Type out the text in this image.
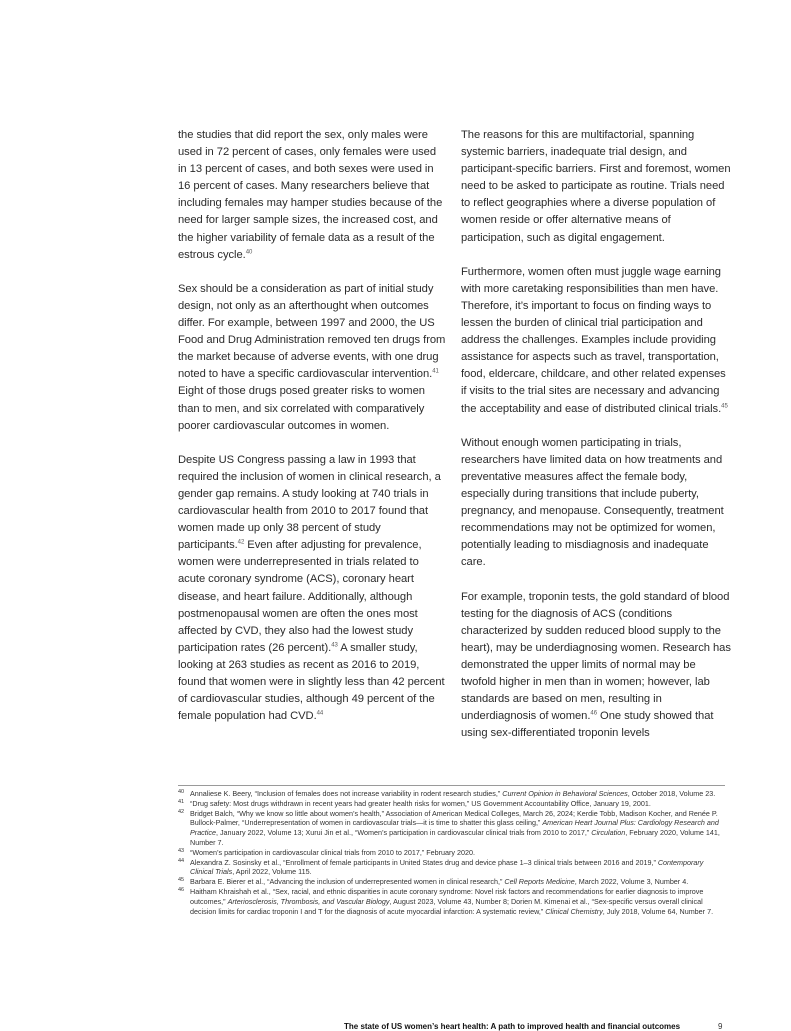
the studies that did report the sex, only males were used in 72 percent of cases, only females were used in 13 percent of cases, and both sexes were used in 16 percent of cases. Many researchers believe that including females may hamper studies because of the need for larger sample sizes, the increased cost, and the higher variability of female data as a result of the estrous cycle.$^{40}$

Sex should be a consideration as part of initial study design, not only as an afterthought when outcomes differ. For example, between 1997 and 2000, the US Food and Drug Administration removed ten drugs from the market because of adverse events, with one drug noted to have a specific cardiovascular intervention.$^{41}$ Eight of those drugs posed greater risks to women than to men, and six correlated with comparatively poorer cardiovascular outcomes in women.

Despite US Congress passing a law in 1993 that required the inclusion of women in clinical research, a gender gap remains. A study looking at 740 trials in cardiovascular health from 2010 to 2017 found that women made up only 38 percent of study participants.$^{42}$ Even after adjusting for prevalence, women were underrepresented in trials related to acute coronary syndrome (ACS), coronary heart disease, and heart failure. Additionally, although postmenopausal women are often the ones most affected by CVD, they also had the lowest study participation rates (26 percent).$^{43}$ A smaller study, looking at 263 studies as recent as 2016 to 2019, found that women were in slightly less than 42 percent of cardiovascular studies, although 49 percent of the female population had CVD.$^{44}$

The reasons for this are multifactorial, spanning systemic barriers, inadequate trial design, and participant-specific barriers. First and foremost, women need to be asked to participate as routine. Trials need to reflect geographies where a diverse population of women reside or offer alternative means of participation, such as digital engagement.

Furthermore, women often must juggle wage earning with more caretaking responsibilities than men have. Therefore, it’s important to focus on finding ways to lessen the burden of clinical trial participation and address the challenges. Examples include providing assistance for aspects such as travel, transportation, food, eldercare, childcare, and other related expenses if visits to the trial sites are necessary and advancing the acceptability and ease of distributed clinical trials.$^{45}$

Without enough women participating in trials, researchers have limited data on how treatments and preventative measures affect the female body, especially during transitions that include puberty, pregnancy, and menopause. Consequently, treatment recommendations may not be optimized for women, potentially leading to misdiagnosis and inadequate care.

For example, troponin tests, the gold standard of blood testing for the diagnosis of ACS (conditions characterized by sudden reduced blood supply to the heart), may be underdiagnosing women. Research has demonstrated the upper limits of normal may be twofold higher in men than in women; however, lab standards are based on men, resulting in underdiagnosis of women.$^{46}$ One study showed that using sex-differentiated troponin levels

40 Annaliese K. Beery, “Inclusion of females does not increase variability in rodent research studies,” Current Opinion in Behavioral Sciences, October 2018, Volume 23.
41 “Drug safety: Most drugs withdrawn in recent years had greater health risks for women,” US Government Accountability Office, January 19, 2001.
42 Bridget Balch, “Why we know so little about women’s health,” Association of American Medical Colleges, March 26, 2024; Kerdie Tobb, Madison Kocher, and Renée P. Bullock-Palmer, “Underrepresentation of women in cardiovascular trials—it is time to shatter this glass ceiling,” American Heart Journal Plus: Cardiology Research and Practice, January 2022, Volume 13; Xurui Jin et al., “Women’s participation in cardiovascular clinical trials from 2010 to 2017,” Circulation, February 2020, Volume 141, Number 7.
43 “Women’s participation in cardiovascular clinical trials from 2010 to 2017,” February 2020.
44 Alexandra Z. Sosinsky et al., “Enrollment of female participants in United States drug and device phase 1–3 clinical trials between 2016 and 2019,” Contemporary Clinical Trials, April 2022, Volume 115.
45 Barbara E. Bierer et al., “Advancing the inclusion of underrepresented women in clinical research,” Cell Reports Medicine, March 2022, Volume 3, Number 4.
46 Haitham Khraishah et al., “Sex, racial, and ethnic disparities in acute coronary syndrome: Novel risk factors and recommendations for earlier diagnosis to improve outcomes,” Arteriosclerosis, Thrombosis, and Vascular Biology, August 2023, Volume 43, Number 8; Dorien M. Kimenai et al., “Sex-specific versus overall clinical decision limits for cardiac troponin I and T for the diagnosis of acute myocardial infarction: A systematic review,” Clinical Chemistry, July 2018, Volume 64, Number 7.
The state of US women’s heart health: A path to improved health and financial outcomes	9
